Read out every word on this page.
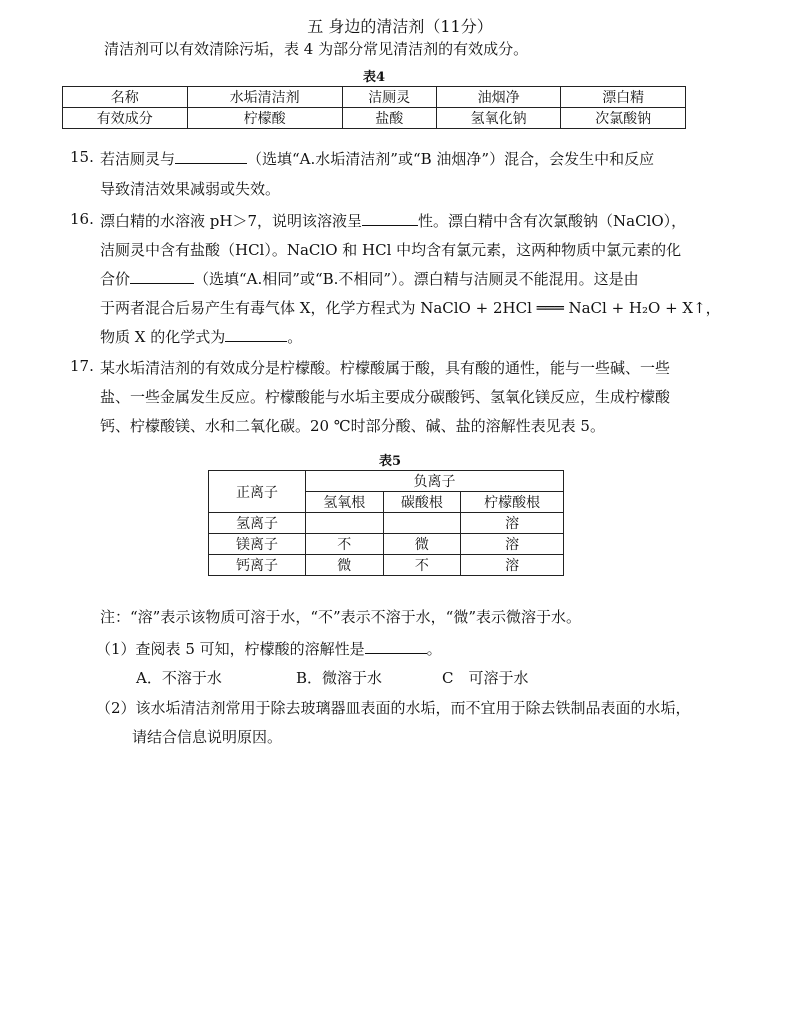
五 身边的清洁剂（11分）
清洁剂可以有效清除污垢，表 4 为部分常见清洁剂的有效成分。
表4
名称	水垢清洁剂	洁厕灵	油烟净	漂白精
有效成分	柠檬酸	盐酸	氢氧化钠	次氯酸钠
15. 若洁厕灵与	（选填“A.水垢清洁剂”或“B 油烟净”）混合，会发生中和反应
导致清洁效果减弱或失效。
16. 漂白精的水溶液 pH＞7，说明该溶液呈	性。漂白精中含有次氯酸钠（NaClO），
洁厕灵中含有盐酸（HCl）。NaClO 和 HCl 中均含有氯元素，这两种物质中氯元素的化
合价	（选填“A.相同”或“B.不相同”）。漂白精与洁厕灵不能混用。这是由
于两者混合后易产生有毒气体 X，化学方程式为 NaClO + 2HCl ═══ NaCl + H₂O + X↑，
物质 X 的化学式为	。
17. 某水垢清洁剂的有效成分是柠檬酸。柠檬酸属于酸，具有酸的通性，能与一些碱、一些
盐、一些金属发生反应。柠檬酸能与水垢主要成分碳酸钙、氢氧化镁反应，生成柠檬酸
钙、柠檬酸镁、水和二氧化碳。20 ℃时部分酸、碱、盐的溶解性表见表 5。
表5
正离子	负离子		
	氢氧根	碳酸根	柠檬酸根
氢离子			溶
镁离子	不	微	溶
钙离子	微	不	溶
注：“溶”表示该物质可溶于水，“不”表示不溶于水，“微”表示微溶于水。
（1）查阅表 5 可知，柠檬酸的溶解性是	。
A．不溶于水	B．微溶于水	C　可溶于水
（2）该水垢清洁剂常用于除去玻璃器皿表面的水垢，而不宜用于除去铁制品表面的水垢，
请结合信息说明原因。
